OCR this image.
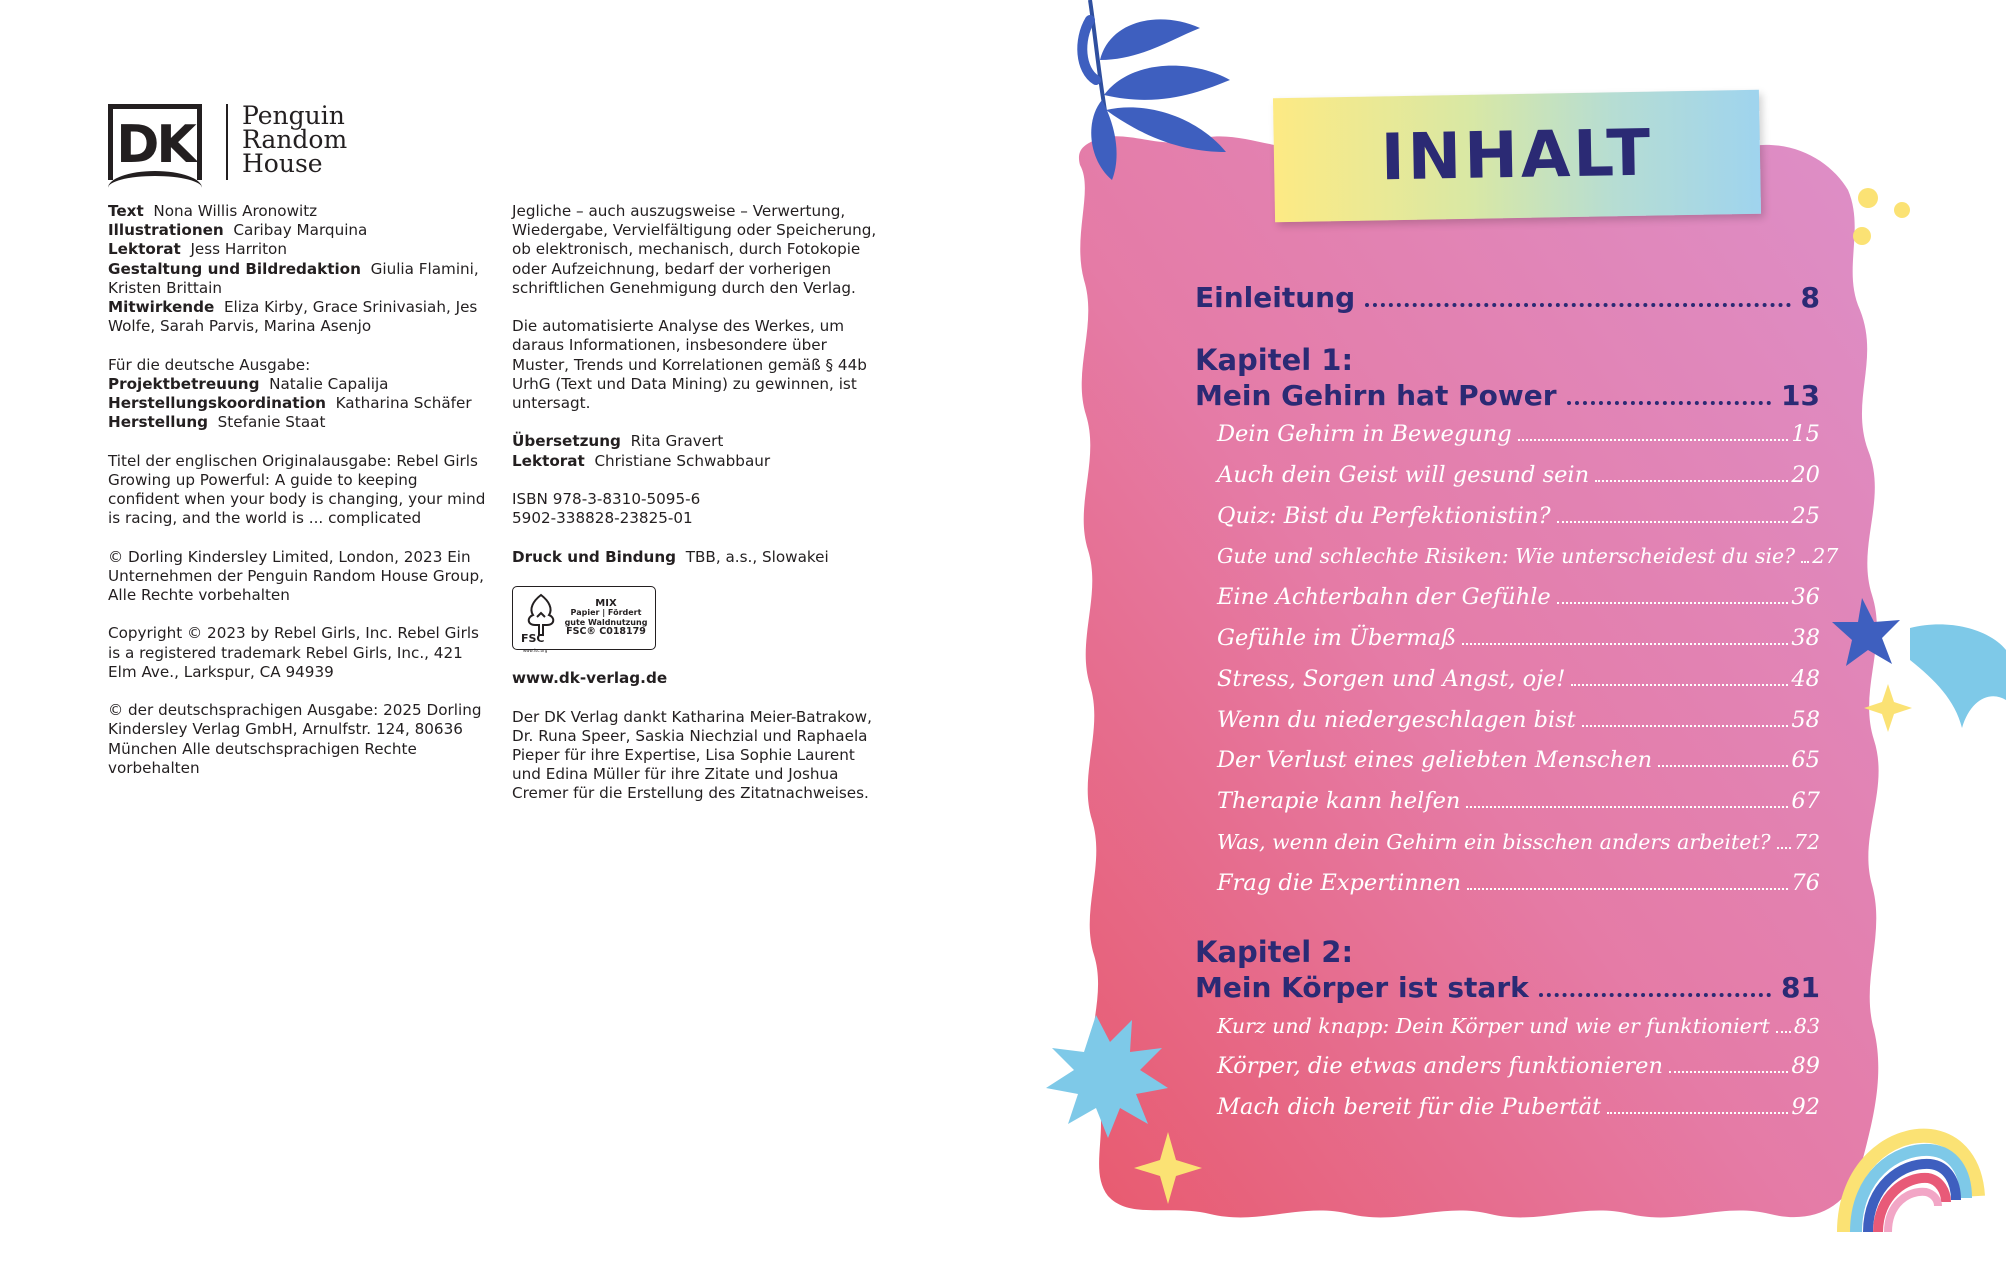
DK Penguin
Random
House

Text Nona Willis Aronowitz
Illustrationen Caribay Marquina
Lektorat Jess Harriton
Gestaltung und Bildredaktion Giulia Flamini, Kristen Brittain
Mitwirkende Eliza Kirby, Grace Srinivasiah, Jes Wolfe, Sarah Parvis, Marina Asenjo

Für die deutsche Ausgabe:
Projektbetreuung Natalie Capalija
Herstellungskoordination Katharina Schäfer
Herstellung Stefanie Staat

Titel der englischen Originalausgabe: Rebel Girls Growing up Powerful: A guide to keeping confident when your body is changing, your mind is racing, and the world is ... complicated

© Dorling Kindersley Limited, London, 2023 Ein Unternehmen der Penguin Random House Group, Alle Rechte vorbehalten

Copyright © 2023 by Rebel Girls, Inc. Rebel Girls is a registered trademark Rebel Girls, Inc., 421 Elm Ave., Larkspur, CA 94939

© der deutschsprachigen Ausgabe: 2025 Dorling Kindersley Verlag GmbH, Arnulfstr. 124, 80636 München Alle deutschsprachigen Rechte vorbehalten

Jegliche – auch auszugsweise – Verwertung, Wiedergabe, Vervielfältigung oder Speicherung, ob elektronisch, mechanisch, durch Fotokopie oder Aufzeichnung, bedarf der vorherigen schriftlichen Genehmigung durch den Verlag.

Die automatisierte Analyse des Werkes, um daraus Informationen, insbesondere über Muster, Trends und Korrelationen gemäß § 44b UrhG (Text und Data Mining) zu gewinnen, ist untersagt.

Übersetzung Rita Gravert
Lektorat Christiane Schwabbaur

ISBN 978-3-8310-5095-6
5902-338828-23825-01

Druck und Bindung TBB, a.s., Slowakei

FSC
www.fsc.org
MIX
Papier | Fördert
gute Waldnutzung
FSC® C018179

www.dk-verlag.de

Der DK Verlag dankt Katharina Meier-Batrakow, Dr. Runa Speer, Saskia Niechzial und Raphaela Pieper für ihre Expertise, Lisa Sophie Laurent und Edina Müller für ihre Zitate und Joshua Cremer für die Erstellung des Zitatnachweises.

INHALT
Einleitung	8
Kapitel 1:
Mein Gehirn hat Power	13
Dein Gehirn in Bewegung	15
Auch dein Geist will gesund sein	20
Quiz: Bist du Perfektionistin?	25
Gute und schlechte Risiken: Wie unterscheidest du sie? 27
Eine Achterbahn der Gefühle	36
Gefühle im Übermaß	38
Stress, Sorgen und Angst, oje!	48
Wenn du niedergeschlagen bist	58
Der Verlust eines geliebten Menschen	65
Therapie kann helfen	67
Was, wenn dein Gehirn ein bisschen anders arbeitet? 72
Frag die Expertinnen	76
Kapitel 2:
Mein Körper ist stark	81
Kurz und knapp: Dein Körper und wie er funktioniert 83
Körper, die etwas anders funktionieren	89
Mach dich bereit für die Pubertät	92
